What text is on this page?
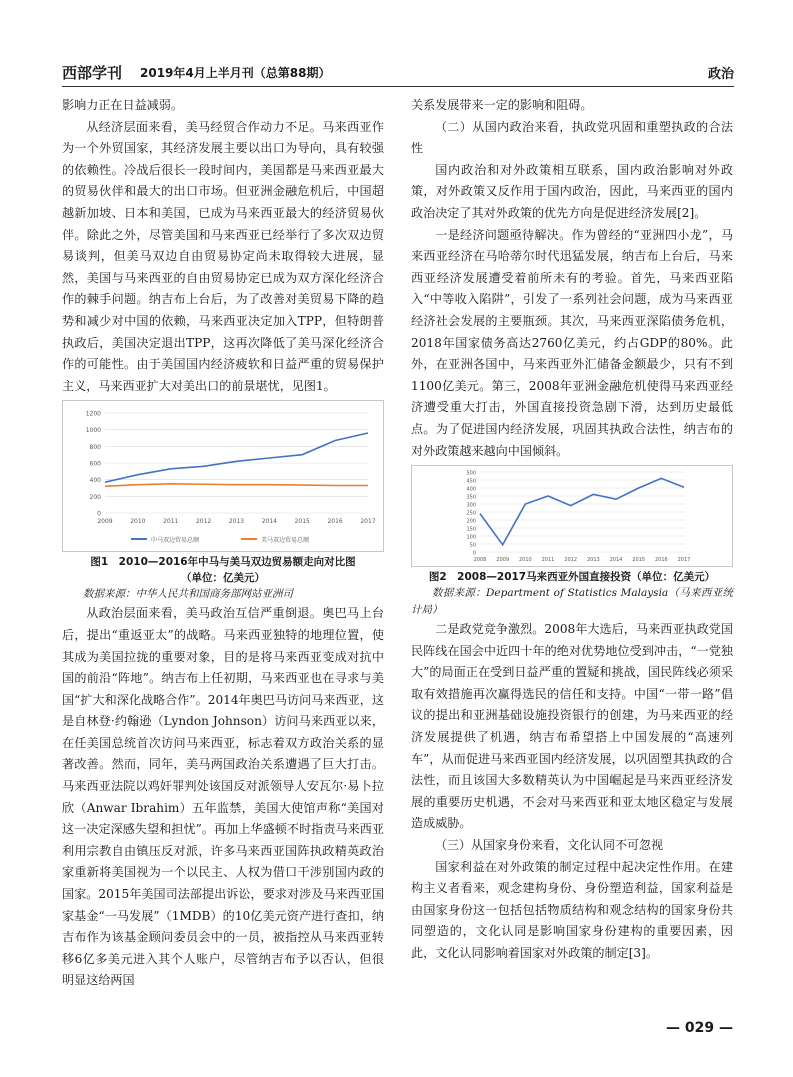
西部学刊 2019年4月上半月刊（总第88期）	政治

影响力正在日益减弱。

从经济层面来看，美马经贸合作动力不足。马来西亚作为一个外贸国家，其经济发展主要以出口为导向，具有较强的依赖性。冷战后很长一段时间内，美国都是马来西亚最大的贸易伙伴和最大的出口市场。但亚洲金融危机后，中国超越新加坡、日本和美国，已成为马来西亚最大的经济贸易伙伴。除此之外，尽管美国和马来西亚已经举行了多次双边贸易谈判，但美马双边自由贸易协定尚未取得较大进展，显然，美国与马来西亚的自由贸易协定已成为双方深化经济合作的棘手问题。纳吉布上台后，为了改善对美贸易下降的趋势和减少对中国的依赖，马来西亚决定加入TPP，但特朗普执政后，美国决定退出TPP，这再次降低了美马深化经济合作的可能性。由于美国国内经济疲软和日益严重的贸易保护主义，马来西亚扩大对美出口的前景堪忧，见图1。

0
200
400
600
800
1000
1200
2009	2010	2011	2012	2013	2014	2015	2016	2017
中马双边贸易总额	美马双边贸易总额
图1　2010—2016年中马与美马双边贸易额走向对比图
（单位：亿美元）
数据来源：中华人民共和国商务部网站亚洲司

从政治层面来看，美马政治互信严重倒退。奥巴马上台后，提出“重返亚太”的战略。马来西亚独特的地理位置，使其成为美国拉拢的重要对象，目的是将马来西亚变成对抗中国的前沿“阵地”。纳吉布上任初期，马来西亚也在寻求与美国“扩大和深化战略合作”。2014年奥巴马访问马来西亚，这是自林登·约翰逊（Lyndon Johnson）访问马来西亚以来，在任美国总统首次访问马来西亚，标志着双方政治关系的显著改善。然而，同年，美马两国政治关系遭遇了巨大打击。马来西亚法院以鸡奸罪判处该国反对派领导人安瓦尔·易卜拉欣（Anwar Ibrahim）五年监禁，美国大使馆声称“美国对这一决定深感失望和担忧”。再加上华盛顿不时指责马来西亚利用宗教自由镇压反对派，许多马来西亚国阵执政精英政治家重新将美国视为一个以民主、人权为借口干涉别国内政的国家。2015年美国司法部提出诉讼，要求对涉及马来西亚国家基金“一马发展”（1MDB）的10亿美元资产进行查扣，纳吉布作为该基金顾问委员会中的一员，被指控从马来西亚转移6亿多美元进入其个人账户，尽管纳吉布予以否认，但很明显这给两国

关系发展带来一定的影响和阻碍。

（二）从国内政治来看，执政党巩固和重塑执政的合法性

国内政治和对外政策相互联系，国内政治影响对外政策，对外政策又反作用于国内政治，因此，马来西亚的国内政治决定了其对外政策的优先方向是促进经济发展[2]。

一是经济问题亟待解决。作为曾经的“亚洲四小龙”，马来西亚经济在马哈蒂尔时代迅猛发展，纳吉布上台后，马来西亚经济发展遭受着前所未有的考验。首先，马来西亚陷入“中等收入陷阱”，引发了一系列社会问题，成为马来西亚经济社会发展的主要瓶颈。其次，马来西亚深陷债务危机，2018年国家债务高达2760亿美元，约占GDP的80%。此外，在亚洲各国中，马来西亚外汇储备金额最少，只有不到1100亿美元。第三，2008年亚洲金融危机使得马来西亚经济遭受重大打击，外国直接投资急剧下滑，达到历史最低点。为了促进国内经济发展，巩固其执政合法性，纳吉布的对外政策越来越向中国倾斜。

0
50
100
150
200
250
300
350
400
450
500
2008 2009 2010 2011 2012 2013 2014 2015 2016 2017
图2　2008—2017马来西亚外国直接投资（单位：亿美元）
数据来源：Department of Statistics Malaysia（马来西亚统计局）

二是政党竞争激烈。2008年大选后，马来西亚执政党国民阵线在国会中近四十年的绝对优势地位受到冲击，“一党独大”的局面正在受到日益严重的置疑和挑战，国民阵线必须采取有效措施再次赢得选民的信任和支持。中国“一带一路”倡议的提出和亚洲基础设施投资银行的创建，为马来西亚的经济发展提供了机遇，纳吉布希望搭上中国发展的“高速列车”，从而促进马来西亚国内经济发展，以巩固塑其执政的合法性，而且该国大多数精英认为中国崛起是马来西亚经济发展的重要历史机遇，不会对马来西亚和亚太地区稳定与发展造成威胁。

（三）从国家身份来看，文化认同不可忽视

国家利益在对外政策的制定过程中起决定性作用。在建构主义者看来，观念建构身份、身份塑造利益，国家利益是由国家身份这一包括包括物质结构和观念结构的国家身份共同塑造的，文化认同是影响国家身份建构的重要因素，因此，文化认同影响着国家对外政策的制定[3]。

— 029 —
